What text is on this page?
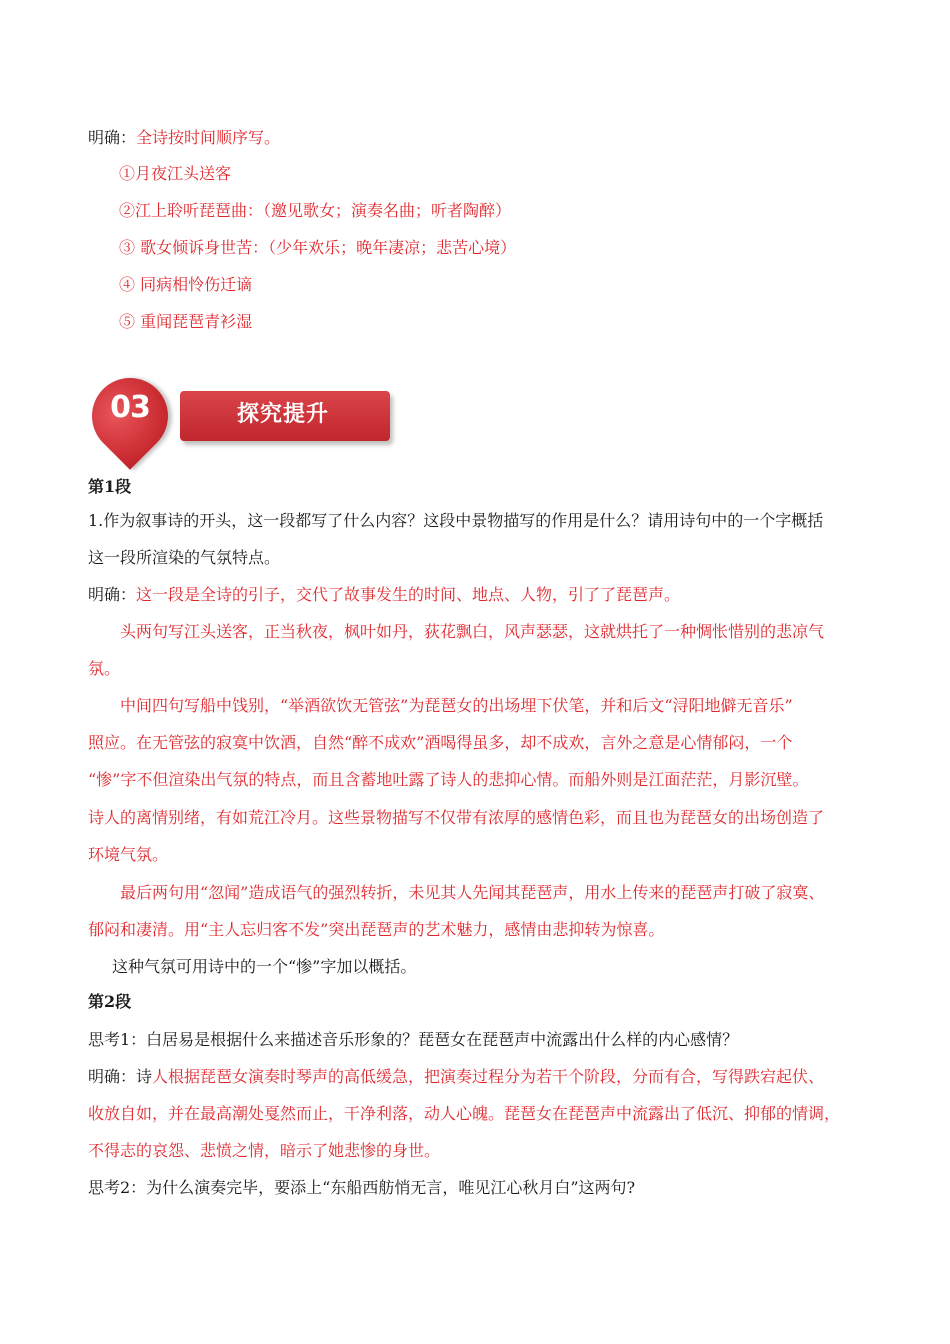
明确：全诗按时间顺序写。
①月夜江头送客
②江上聆听琵琶曲：（邀见歌女；演奏名曲；听者陶醉）
③ 歌女倾诉身世苦：（少年欢乐；晚年凄凉；悲苦心境）
④ 同病相怜伤迁谪
⑤ 重闻琵琶青衫湿
03	探究提升
第1段
1.作为叙事诗的开头，这一段都写了什么内容？这段中景物描写的作用是什么？请用诗句中的一个字概括
这一段所渲染的气氛特点。
明确：这一段是全诗的引子，交代了故事发生的时间、地点、人物，引了了琵琶声。
头两句写江头送客，正当秋夜，枫叶如丹，荻花飘白，风声瑟瑟，这就烘托了一种惆怅惜别的悲凉气
氛。
中间四句写船中饯别，“举酒欲饮无管弦”为琵琶女的出场埋下伏笔，并和后文“浔阳地僻无音乐”
照应。在无管弦的寂寞中饮酒，自然“醉不成欢”酒喝得虽多，却不成欢，言外之意是心情郁闷，一个
“惨”字不但渲染出气氛的特点，而且含蓄地吐露了诗人的悲抑心情。而船外则是江面茫茫，月影沉壁。
诗人的离情别绪，有如荒江冷月。这些景物描写不仅带有浓厚的感情色彩，而且也为琵琶女的出场创造了
环境气氛。
最后两句用“忽闻”造成语气的强烈转折，未见其人先闻其琵琶声，用水上传来的琵琶声打破了寂寞、
郁闷和凄清。用“主人忘归客不发”突出琵琶声的艺术魅力，感情由悲抑转为惊喜。
这种气氛可用诗中的一个“惨”字加以概括。
第2段
思考1：白居易是根据什么来描述音乐形象的？琵琶女在琵琶声中流露出什么样的内心感情？
明确：诗人根据琵琶女演奏时琴声的高低缓急，把演奏过程分为若干个阶段，分而有合，写得跌宕起伏、
收放自如，并在最高潮处戛然而止，干净利落，动人心魄。琵琶女在琵琶声中流露出了低沉、抑郁的情调，
不得志的哀怨、悲愤之情，暗示了她悲惨的身世。
思考2：为什么演奏完毕，要添上“东船西舫悄无言，唯见江心秋月白”这两句?
